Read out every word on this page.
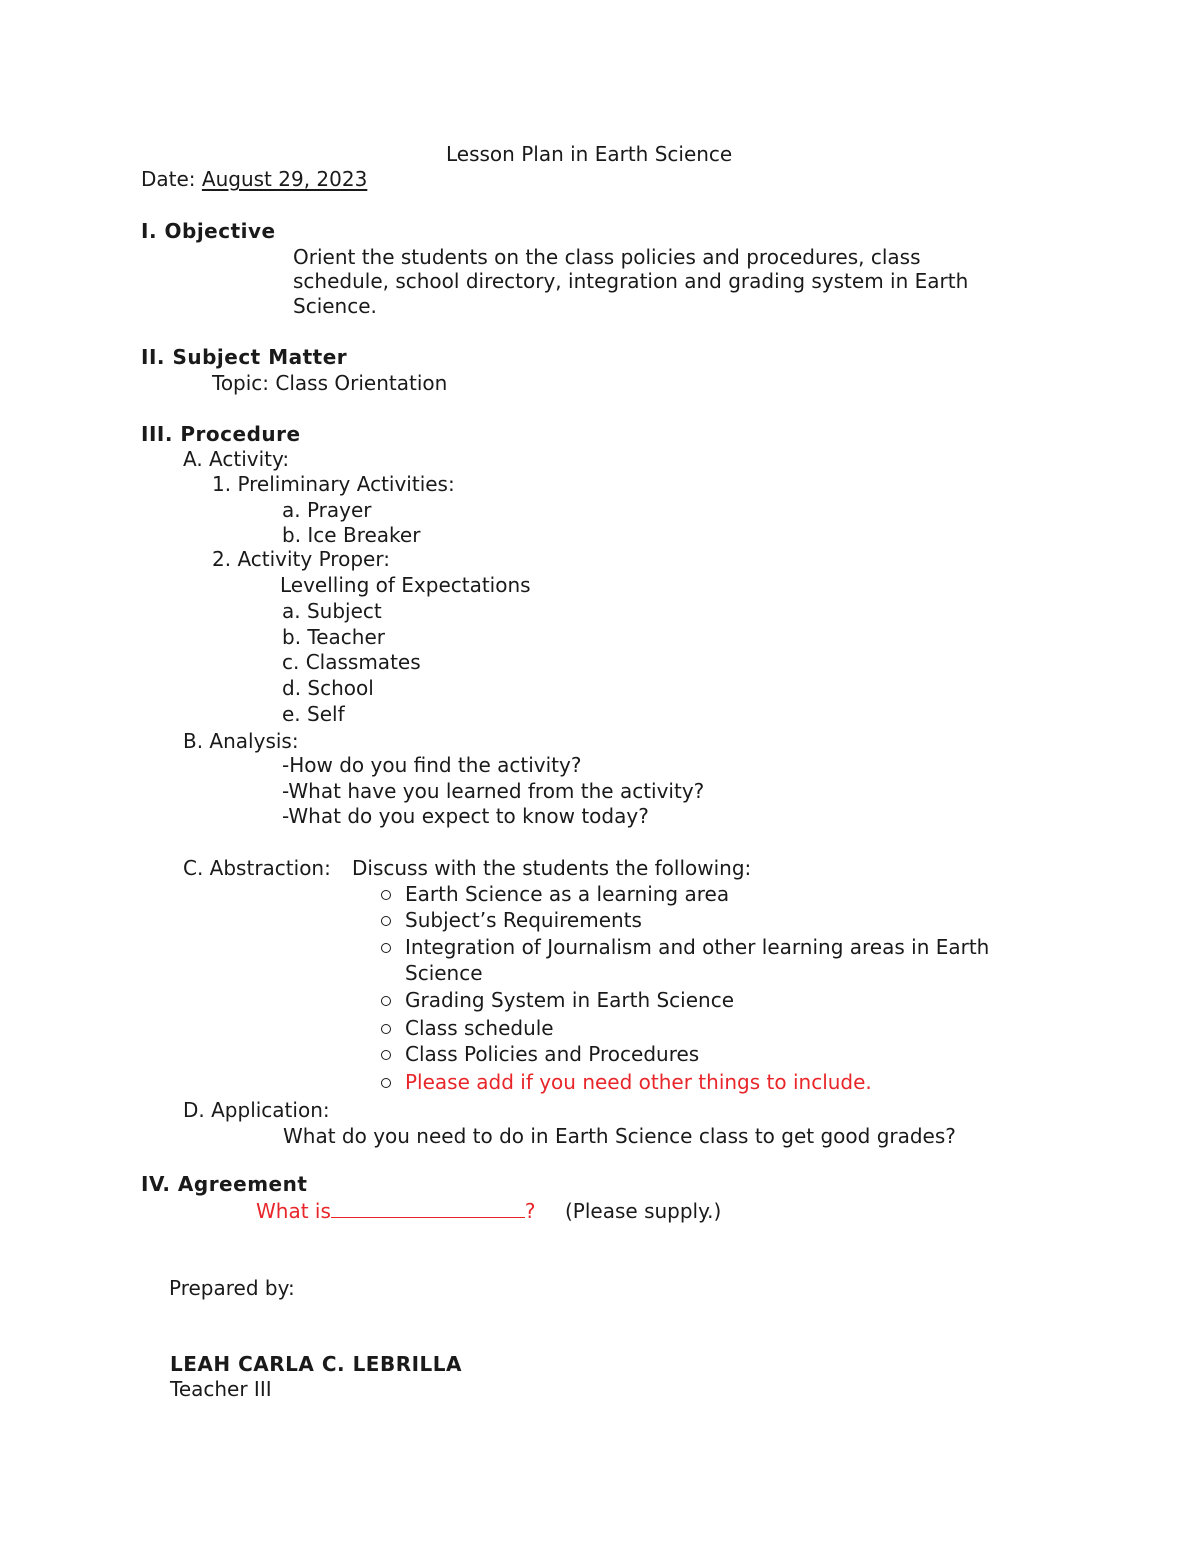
Lesson Plan in Earth Science
Date: August 29, 2023
I. Objective
Orient the students on the class policies and procedures, class
schedule, school directory, integration and grading system in Earth
Science.
II. Subject Matter
Topic: Class Orientation
III. Procedure
A. Activity:
1. Preliminary Activities:
a. Prayer
b. Ice Breaker
2. Activity Proper:
Levelling of Expectations
a. Subject
b. Teacher
c. Classmates
d. School
e. Self
B. Analysis:
-How do you find the activity?
-What have you learned from the activity?
-What do you expect to know today?
C. Abstraction: Discuss with the students the following:
Earth Science as a learning area
Subject’s Requirements
Integration of Journalism and other learning areas in Earth
Science
Grading System in Earth Science
Class schedule
Class Policies and Procedures
Please add if you need other things to include.
D. Application:
What do you need to do in Earth Science class to get good grades?
IV. Agreement
What is	? (Please supply.)
Prepared by:
LEAH CARLA C. LEBRILLA
Teacher III
